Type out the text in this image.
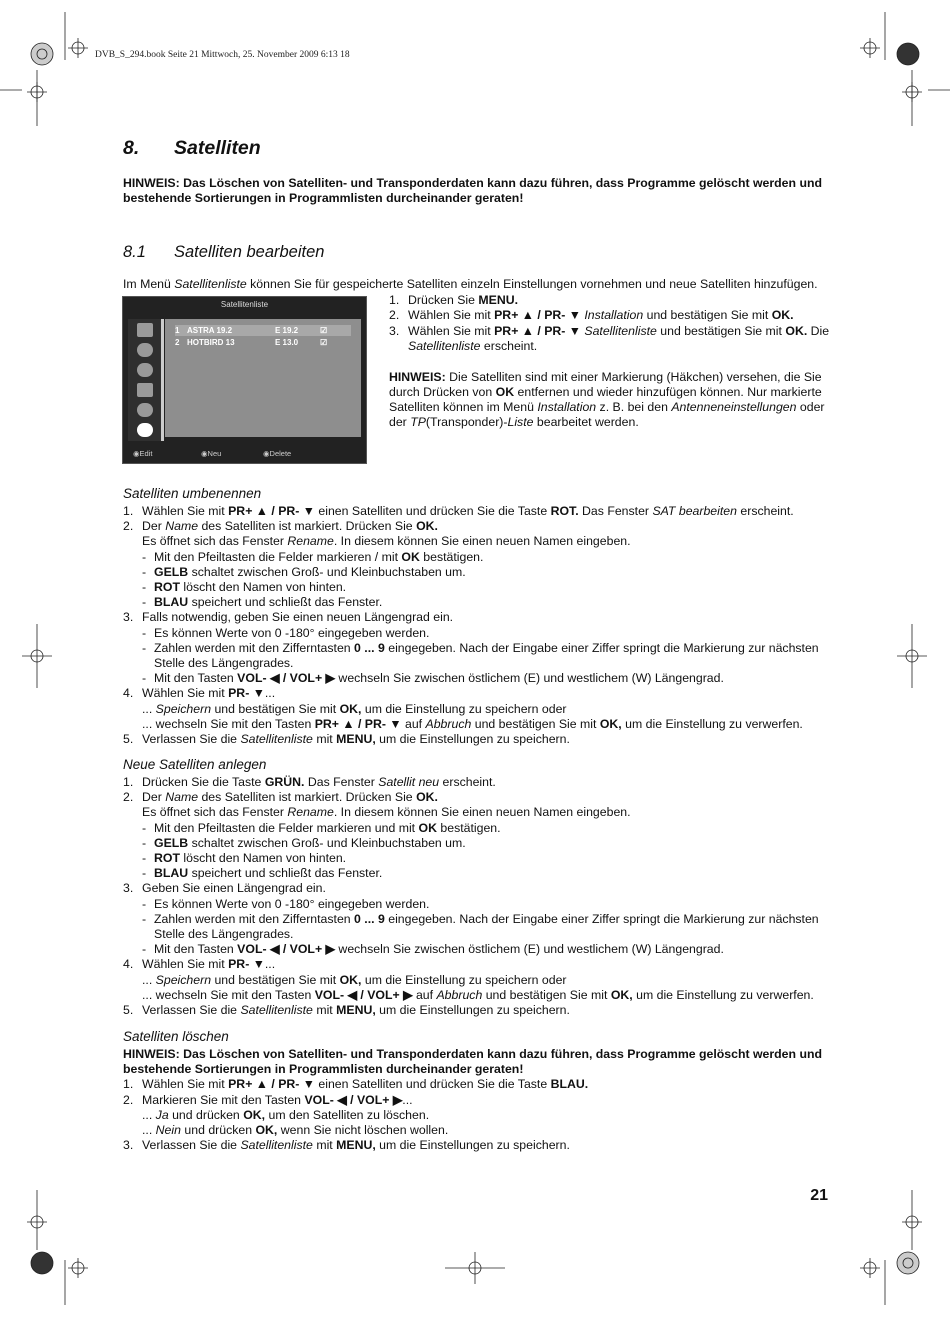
DVB_S_294.book Seite 21 Mittwoch, 25. November 2009 6:13 18
8. Satelliten
HINWEIS: Das Löschen von Satelliten- und Transponderdaten kann dazu führen, dass Programme gelöscht werden und
bestehende Sortierungen in Programmlisten durcheinander geraten!
8.1 Satelliten bearbeiten
Im Menü Satellitenliste können Sie für gespeicherte Satelliten einzeln Einstellungen vornehmen und neue Satelliten hinzufügen.
Satellitenliste
1 ASTRA 19.2	E 19.2	☑
2 HOTBIRD 13	E 13.0	☑
◉Edit	◉Neu	◉Delete
1. Drücken Sie MENU.
2. Wählen Sie mit PR+ ▲ / PR- ▼ Installation und bestätigen Sie mit OK.
3. Wählen Sie mit PR+ ▲ / PR- ▼ Satellitenliste und bestätigen Sie mit OK. Die
Satellitenliste erscheint.
HINWEIS: Die Satelliten sind mit einer Markierung (Häkchen) versehen, die Sie
durch Drücken von OK entfernen und wieder hinzufügen können. Nur markierte
Satelliten können im Menü Installation z. B. bei den Antenneneinstellungen oder
der TP(Transponder)-Liste bearbeitet werden.
Satelliten umbenennen
1. Wählen Sie mit PR+ ▲ / PR- ▼ einen Satelliten und drücken Sie die Taste ROT. Das Fenster SAT bearbeiten erscheint.
2. Der Name des Satelliten ist markiert. Drücken Sie OK.
Es öffnet sich das Fenster Rename. In diesem können Sie einen neuen Namen eingeben.
- Mit den Pfeiltasten die Felder markieren / mit OK bestätigen.
- GELB schaltet zwischen Groß- und Kleinbuchstaben um.
- ROT löscht den Namen von hinten.
- BLAU speichert und schließt das Fenster.
3. Falls notwendig, geben Sie einen neuen Längengrad ein.
- Es können Werte von 0 -180° eingegeben werden.
- Zahlen werden mit den Zifferntasten 0 ... 9 eingegeben. Nach der Eingabe einer Ziffer springt die Markierung zur nächsten
Stelle des Längengrades.
- Mit den Tasten VOL- ◀ / VOL+ ▶ wechseln Sie zwischen östlichem (E) und westlichem (W) Längengrad.
4. Wählen Sie mit PR- ▼...
... Speichern und bestätigen Sie mit OK, um die Einstellung zu speichern oder
... wechseln Sie mit den Tasten PR+ ▲ / PR- ▼ auf Abbruch und bestätigen Sie mit OK, um die Einstellung zu verwerfen.
5. Verlassen Sie die Satellitenliste mit MENU, um die Einstellungen zu speichern.
Neue Satelliten anlegen
1. Drücken Sie die Taste GRÜN. Das Fenster Satellit neu erscheint.
2. Der Name des Satelliten ist markiert. Drücken Sie OK.
Es öffnet sich das Fenster Rename. In diesem können Sie einen neuen Namen eingeben.
- Mit den Pfeiltasten die Felder markieren und mit OK bestätigen.
- GELB schaltet zwischen Groß- und Kleinbuchstaben um.
- ROT löscht den Namen von hinten.
- BLAU speichert und schließt das Fenster.
3. Geben Sie einen Längengrad ein.
- Es können Werte von 0 -180° eingegeben werden.
- Zahlen werden mit den Zifferntasten 0 ... 9 eingegeben. Nach der Eingabe einer Ziffer springt die Markierung zur nächsten
Stelle des Längengrades.
- Mit den Tasten VOL- ◀ / VOL+ ▶ wechseln Sie zwischen östlichem (E) und westlichem (W) Längengrad.
4. Wählen Sie mit PR- ▼...
... Speichern und bestätigen Sie mit OK, um die Einstellung zu speichern oder
... wechseln Sie mit den Tasten VOL- ◀ / VOL+ ▶ auf Abbruch und bestätigen Sie mit OK, um die Einstellung zu verwerfen.
5. Verlassen Sie die Satellitenliste mit MENU, um die Einstellungen zu speichern.
Satelliten löschen
HINWEIS: Das Löschen von Satelliten- und Transponderdaten kann dazu führen, dass Programme gelöscht werden und
bestehende Sortierungen in Programmlisten durcheinander geraten!
1. Wählen Sie mit PR+ ▲ / PR- ▼ einen Satelliten und drücken Sie die Taste BLAU.
2. Markieren Sie mit den Tasten VOL- ◀ / VOL+ ▶...
... Ja und drücken OK, um den Satelliten zu löschen.
... Nein und drücken OK, wenn Sie nicht löschen wollen.
3. Verlassen Sie die Satellitenliste mit MENU, um die Einstellungen zu speichern.
21
